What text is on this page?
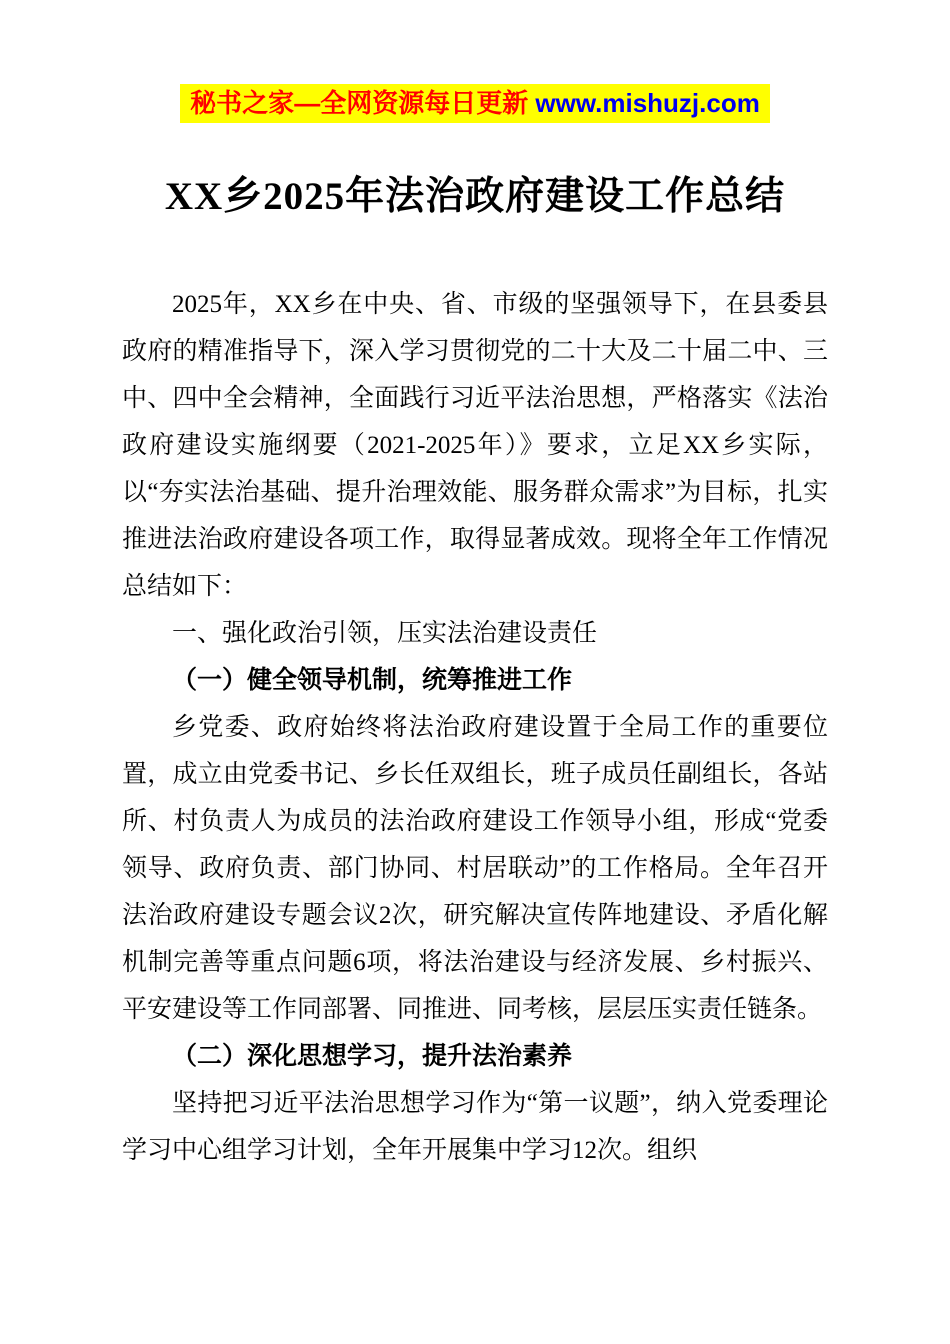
秘书之家—全网资源每日更新 www.mishuzj.com
XX乡2025年法治政府建设工作总结

2025年，XX乡在中央、省、市级的坚强领导下，在县委县政府的精准指导下，深入学习贯彻党的二十大及二十届二中、三中、四中全会精神，全面践行习近平法治思想，严格落实《法治政府建设实施纲要（2021-2025年）》要求，立足XX乡实际，以“夯实法治基础、提升治理效能、服务群众需求”为目标，扎实推进法治政府建设各项工作，取得显著成效。现将全年工作情况总结如下：

一、强化政治引领，压实法治建设责任

（一）健全领导机制，统筹推进工作

乡党委、政府始终将法治政府建设置于全局工作的重要位置，成立由党委书记、乡长任双组长，班子成员任副组长，各站所、村负责人为成员的法治政府建设工作领导小组，形成“党委领导、政府负责、部门协同、村居联动”的工作格局。全年召开法治政府建设专题会议2次，研究解决宣传阵地建设、矛盾化解机制完善等重点问题6项，将法治建设与经济发展、乡村振兴、平安建设等工作同部署、同推进、同考核，层层压实责任链条。

（二）深化思想学习，提升法治素养

坚持把习近平法治思想学习作为“第一议题”，纳入党委理论学习中心组学习计划，全年开展集中学习12次。组织
